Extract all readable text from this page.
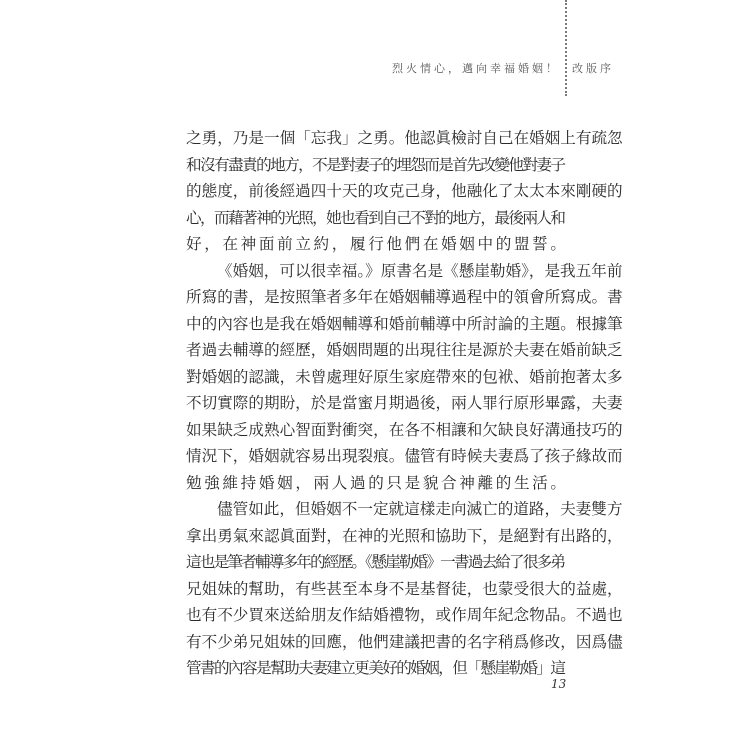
烈火情心，邁向幸福婚姻！ 改版序
之勇，乃是一個「忘我」之勇。他認眞檢討自己在婚姻上有疏忽
和沒有盡責的地方，不是對妻子的埋怨而是首先改變他對妻子
的態度，前後經過四十天的攻克己身，他融化了太太本來剛硬的
心，而藉著神的光照，她也看到自己不對的地方，最後兩人和
好，在神面前立約，履行他們在婚姻中的盟誓。
《婚姻，可以很幸福。》原書名是《懸崖勒婚》，是我五年前
所寫的書，是按照筆者多年在婚姻輔導過程中的領會所寫成。書
中的內容也是我在婚姻輔導和婚前輔導中所討論的主題。根據筆
者過去輔導的經歷，婚姻問題的出現往往是源於夫妻在婚前缺乏
對婚姻的認識，未曾處理好原生家庭帶來的包袱、婚前抱著太多
不切實際的期盼，於是當蜜月期過後，兩人罪行原形畢露，夫妻
如果缺乏成熟心智面對衝突，在各不相讓和欠缺良好溝通技巧的
情況下，婚姻就容易出現裂痕。儘管有時候夫妻爲了孩子緣故而
勉強維持婚姻，兩人過的只是貌合神離的生活。
儘管如此，但婚姻不一定就這樣走向滅亡的道路，夫妻雙方
拿出勇氣來認眞面對，在神的光照和協助下，是絕對有出路的，
這也是筆者輔導多年的經歷。《懸崖勒婚》一書過去給了很多弟
兄姐妹的幫助，有些甚至本身不是基督徒，也蒙受很大的益處，
也有不少買來送給朋友作結婚禮物，或作周年紀念物品。不過也
有不少弟兄姐妹的回應，他們建議把書的名字稍爲修改，因爲儘
管書的內容是幫助夫妻建立更美好的婚姻，但「懸崖勒婚」這
13
